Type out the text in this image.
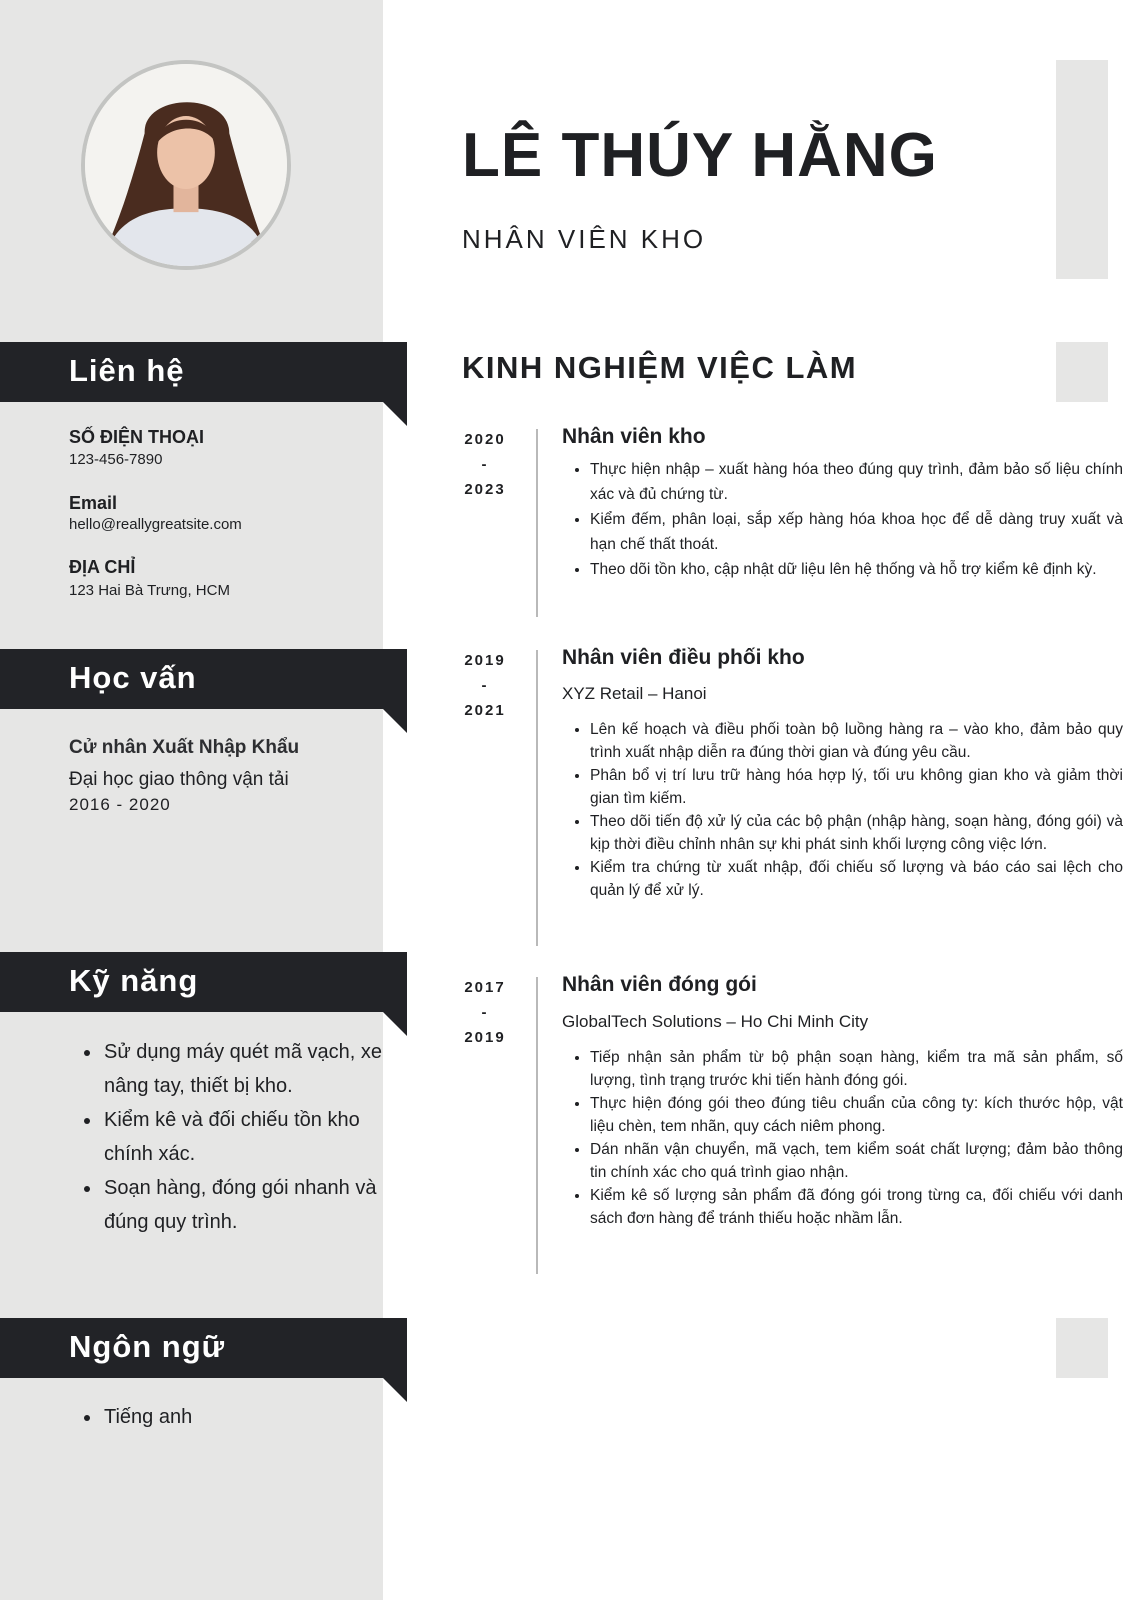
LÊ THÚY HẰNG
NHÂN VIÊN KHO
Liên hệ
SỐ ĐIỆN THOẠI
123-456-7890
Email
hello@reallygreatsite.com
ĐỊA CHỈ
123 Hai Bà Trưng, HCM
Học vấn
Cử nhân Xuất Nhập Khẩu
Đại học giao thông vận tải
2016 - 2020
Kỹ năng
• Sử dụng máy quét mã vạch, xe nâng tay, thiết bị kho.
• Kiểm kê và đối chiếu tồn kho chính xác.
• Soạn hàng, đóng gói nhanh và đúng quy trình.
Ngôn ngữ
• Tiếng anh
KINH NGHIỆM VIỆC LÀM
2020
-
2023
Nhân viên kho
• Thực hiện nhập – xuất hàng hóa theo đúng quy trình, đảm bảo số liệu chính xác và đủ chứng từ.
• Kiểm đếm, phân loại, sắp xếp hàng hóa khoa học để dễ dàng truy xuất và hạn chế thất thoát.
• Theo dõi tồn kho, cập nhật dữ liệu lên hệ thống và hỗ trợ kiểm kê định kỳ.
2019
-
2021
Nhân viên điều phối kho
XYZ Retail – Hanoi
• Lên kế hoạch và điều phối toàn bộ luồng hàng ra – vào kho, đảm bảo quy trình xuất nhập diễn ra đúng thời gian và đúng yêu cầu.
• Phân bổ vị trí lưu trữ hàng hóa hợp lý, tối ưu không gian kho và giảm thời gian tìm kiếm.
• Theo dõi tiến độ xử lý của các bộ phận (nhập hàng, soạn hàng, đóng gói) và kịp thời điều chỉnh nhân sự khi phát sinh khối lượng công việc lớn.
• Kiểm tra chứng từ xuất nhập, đối chiếu số lượng và báo cáo sai lệch cho quản lý để xử lý.
2017
-
2019
Nhân viên đóng gói
GlobalTech Solutions – Ho Chi Minh City
• Tiếp nhận sản phẩm từ bộ phận soạn hàng, kiểm tra mã sản phẩm, số lượng, tình trạng trước khi tiến hành đóng gói.
• Thực hiện đóng gói theo đúng tiêu chuẩn của công ty: kích thước hộp, vật liệu chèn, tem nhãn, quy cách niêm phong.
• Dán nhãn vận chuyển, mã vạch, tem kiểm soát chất lượng; đảm bảo thông tin chính xác cho quá trình giao nhận.
• Kiểm kê số lượng sản phẩm đã đóng gói trong từng ca, đối chiếu với danh sách đơn hàng để tránh thiếu hoặc nhầm lẫn.
